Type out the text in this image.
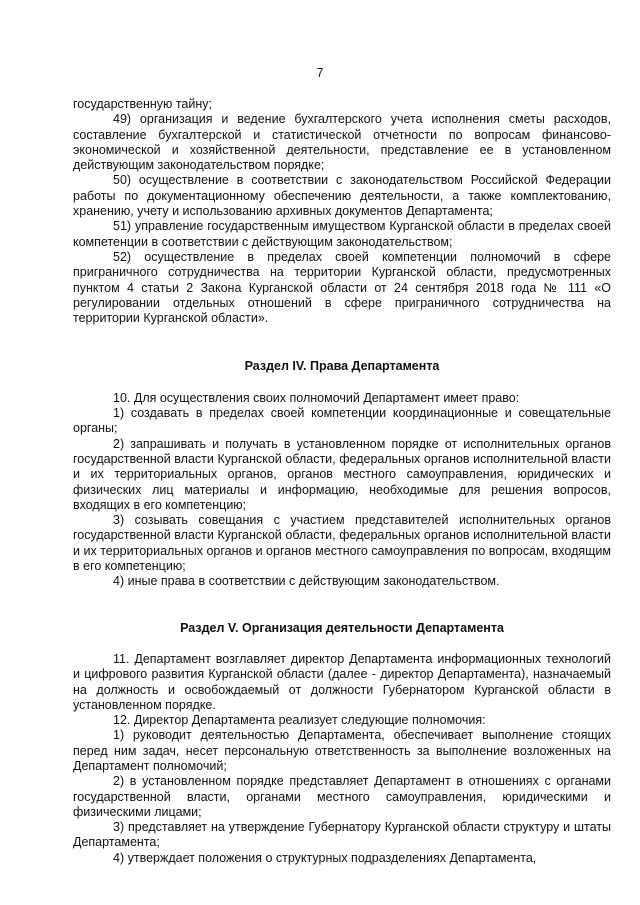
7

государственную тайну;

49) организация и ведение бухгалтерского учета исполнения сметы расходов, составление бухгалтерской и статистической отчетности по вопросам финансово-экономической и хозяйственной деятельности, представление ее в установленном действующим законодательством порядке;

50) осуществление в соответствии с законодательством Российской Федерации работы по документационному обеспечению деятельности, а также комплектованию, хранению, учету и использованию архивных документов Департамента;

51) управление государственным имуществом Курганской области в пределах своей компетенции в соответствии с действующим законодательством;

52) осуществление в пределах своей компетенции полномочий в сфере приграничного сотрудничества на территории Курганской области, предусмотренных пунктом 4 статьи 2 Закона Курганской области от 24 сентября 2018 года № 111 «О регулировании отдельных отношений в сфере приграничного сотрудничества на территории Курганской области».

Раздел IV. Права Департамента

10. Для осуществления своих полномочий Департамент имеет право:

1) создавать в пределах своей компетенции координационные и совещательные органы;

2) запрашивать и получать в установленном порядке от исполнительных органов государственной власти Курганской области, федеральных органов исполнительной власти и их территориальных органов, органов местного самоуправления, юридических и физических лиц материалы и информацию, необходимые для решения вопросов, входящих в его компетенцию;

3) созывать совещания с участием представителей исполнительных органов государственной власти Курганской области, федеральных органов исполнительной власти и их территориальных органов и органов местного самоуправления по вопросам, входящим в его компетенцию;

4) иные права в соответствии с действующим законодательством.

Раздел V. Организация деятельности Департамента

11. Департамент возглавляет директор Департамента информационных технологий и цифрового развития Курганской области (далее - директор Департамента), назначаемый на должность и освобождаемый от должности Губернатором Курганской области в установленном порядке.

12. Директор Департамента реализует следующие полномочия:

1) руководит деятельностью Департамента, обеспечивает выполнение стоящих перед ним задач, несет персональную ответственность за выполнение возложенных на Департамент полномочий;

2) в установленном порядке представляет Департамент в отношениях с органами государственной власти, органами местного самоуправления, юридическими и физическими лицами;

3) представляет на утверждение Губернатору Курганской области структуру и штаты Департамента;

4) утверждает положения о структурных подразделениях Департамента,
